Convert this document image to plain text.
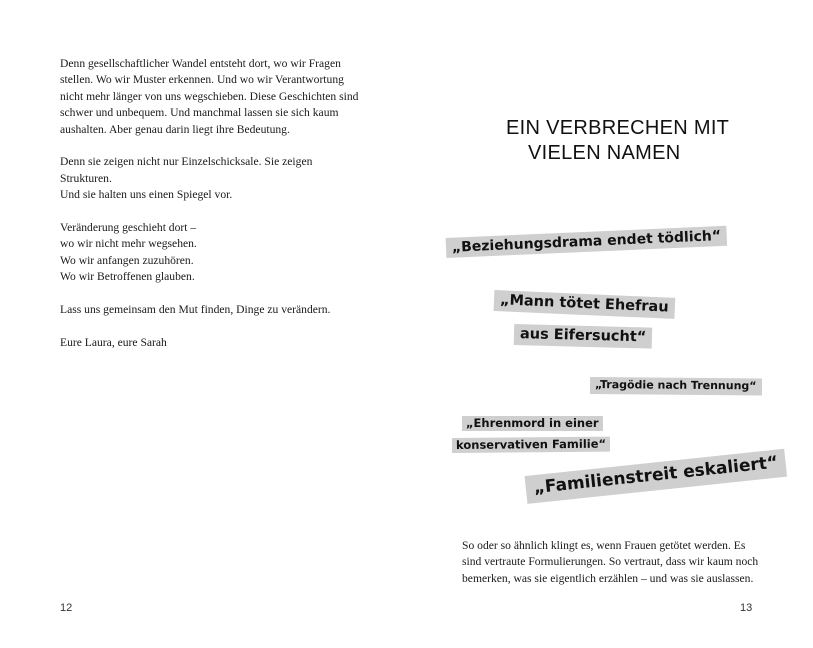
Denn gesellschaftlicher Wandel entsteht dort, wo wir Fragen
stellen. Wo wir Muster erkennen. Und wo wir Verantwortung
nicht mehr länger von uns wegschieben. Diese Geschichten sind
schwer und unbequem. Und manchmal lassen sie sich kaum
aushalten. Aber genau darin liegt ihre Bedeutung.

Denn sie zeigen nicht nur Einzelschicksale. Sie zeigen Strukturen.
Und sie halten uns einen Spiegel vor.

Veränderung geschieht dort –
wo wir nicht mehr wegsehen.
Wo wir anfangen zuzuhören.
Wo wir Betroffenen glauben.

Lass uns gemeinsam den Mut finden, Dinge zu verändern.

Eure Laura, eure Sarah

12
EIN VERBRECHEN MIT
VIELEN NAMEN
„Beziehungsdrama endet tödlich“
„Mann tötet Ehefrau
aus Eifersucht“
„Tragödie nach Trennung“
„Ehrenmord in einer
konservativen Familie“
„Familienstreit eskaliert“

So oder so ähnlich klingt es, wenn Frauen getötet werden. Es
sind vertraute Formulierungen. So vertraut, dass wir kaum noch
bemerken, was sie eigentlich erzählen – und was sie auslassen.

13
